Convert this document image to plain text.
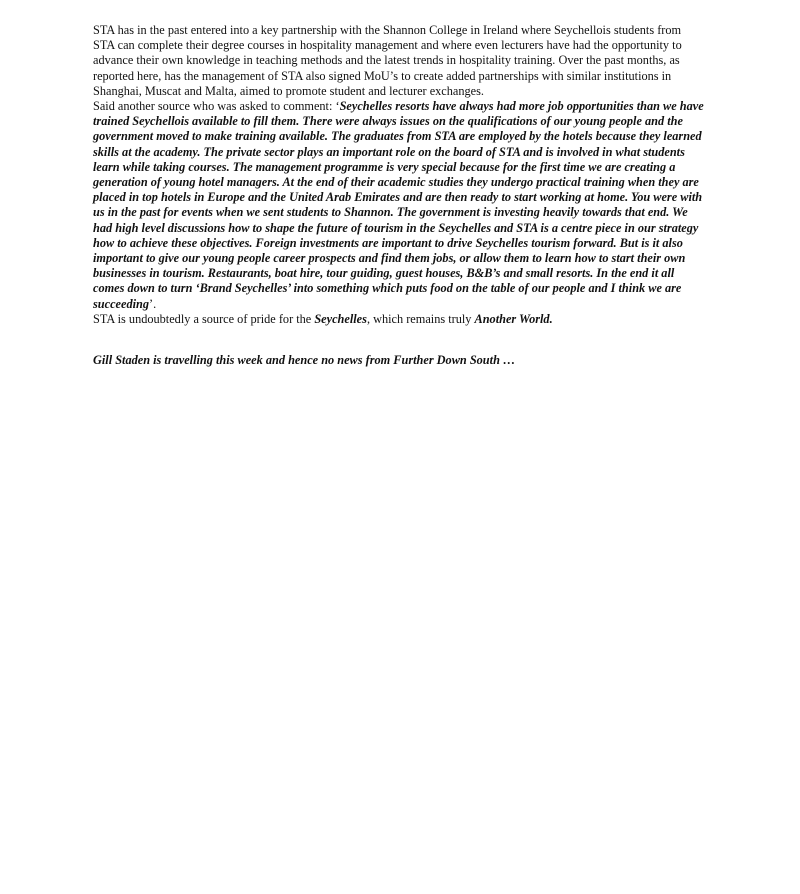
STA has in the past entered into a key partnership with the Shannon College in Ireland where Seychellois students from STA can complete their degree courses in hospitality management and where even lecturers have had the opportunity to advance their own knowledge in teaching methods and the latest trends in hospitality training. Over the past months, as reported here, has the management of STA also signed MoU’s to create added partnerships with similar institutions in Shanghai, Muscat and Malta, aimed to promote student and lecturer exchanges.

Said another source who was asked to comment: ‘Seychelles resorts have always had more job opportunities than we have trained Seychellois available to fill them. There were always issues on the qualifications of our young people and the government moved to make training available. The graduates from STA are employed by the hotels because they learned skills at the academy. The private sector plays an important role on the board of STA and is involved in what students learn while taking courses. The management programme is very special because for the first time we are creating a generation of young hotel managers. At the end of their academic studies they undergo practical training when they are placed in top hotels in Europe and the United Arab Emirates and are then ready to start working at home. You were with us in the past for events when we sent students to Shannon. The government is investing heavily towards that end. We had high level discussions how to shape the future of tourism in the Seychelles and STA is a centre piece in our strategy how to achieve these objectives. Foreign investments are important to drive Seychelles tourism forward. But is it also important to give our young people career prospects and find them jobs, or allow them to learn how to start their own businesses in tourism. Restaurants, boat hire, tour guiding, guest houses, B&B’s and small resorts. In the end it all comes down to turn ‘Brand Seychelles’ into something which puts food on the table of our people and I think we are succeeding’.

STA is undoubtedly a source of pride for the Seychelles, which remains truly Another World.

Gill Staden is travelling this week and hence no news from Further Down South …
